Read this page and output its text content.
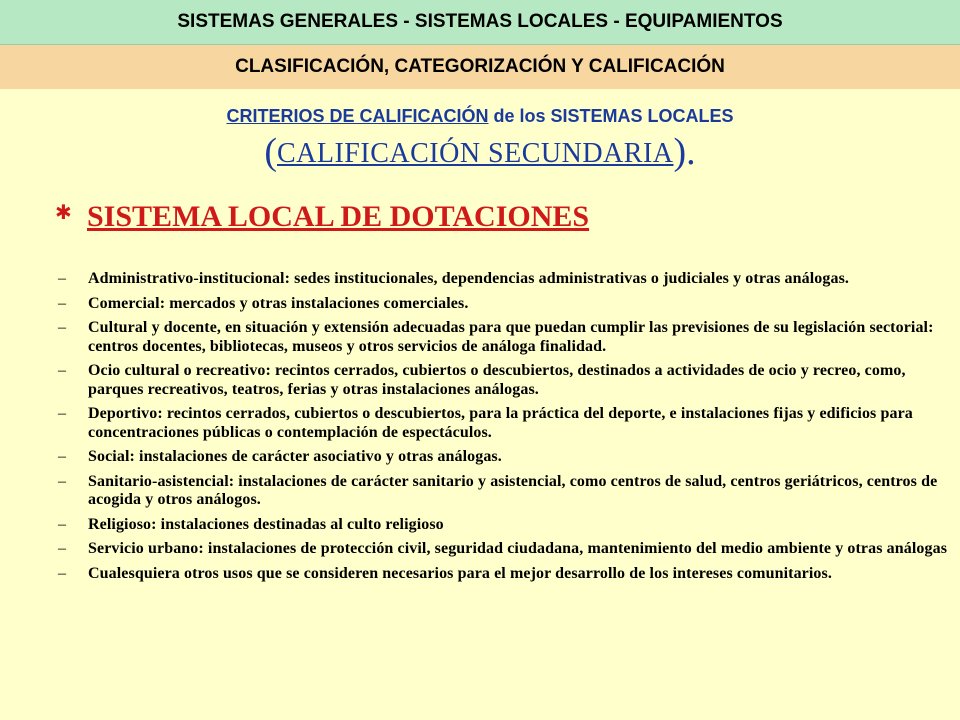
SISTEMAS GENERALES - SISTEMAS LOCALES - EQUIPAMIENTOS
CLASIFICACIÓN, CATEGORIZACIÓN Y CALIFICACIÓN
CRITERIOS DE CALIFICACIÓN de los SISTEMAS LOCALES
(CALIFICACIÓN SECUNDARIA).
✱ SISTEMA LOCAL DE DOTACIONES
–	Administrativo-institucional: sedes institucionales, dependencias administrativas o judiciales y otras análogas.
–	Comercial: mercados y otras instalaciones comerciales.
–	Cultural y docente, en situación y extensión adecuadas para que puedan cumplir las previsiones de su legislación sectorial: centros docentes, bibliotecas, museos y otros servicios de análoga finalidad.
–	Ocio cultural o recreativo: recintos cerrados, cubiertos o descubiertos, destinados a actividades de ocio y recreo, como, parques recreativos, teatros, ferias y otras instalaciones análogas.
–	Deportivo: recintos cerrados, cubiertos o descubiertos, para la práctica del deporte, e instalaciones fijas y edificios para concentraciones públicas o contemplación de espectáculos.
–	Social: instalaciones de carácter asociativo y otras análogas.
–	Sanitario-asistencial: instalaciones de carácter sanitario y asistencial, como centros de salud, centros geriátricos, centros de acogida y otros análogos.
–	Religioso: instalaciones destinadas al culto religioso
–	Servicio urbano: instalaciones de protección civil, seguridad ciudadana, mantenimiento del medio ambiente y otras análogas
–	Cualesquiera otros usos que se consideren necesarios para el mejor desarrollo de los intereses comunitarios.
